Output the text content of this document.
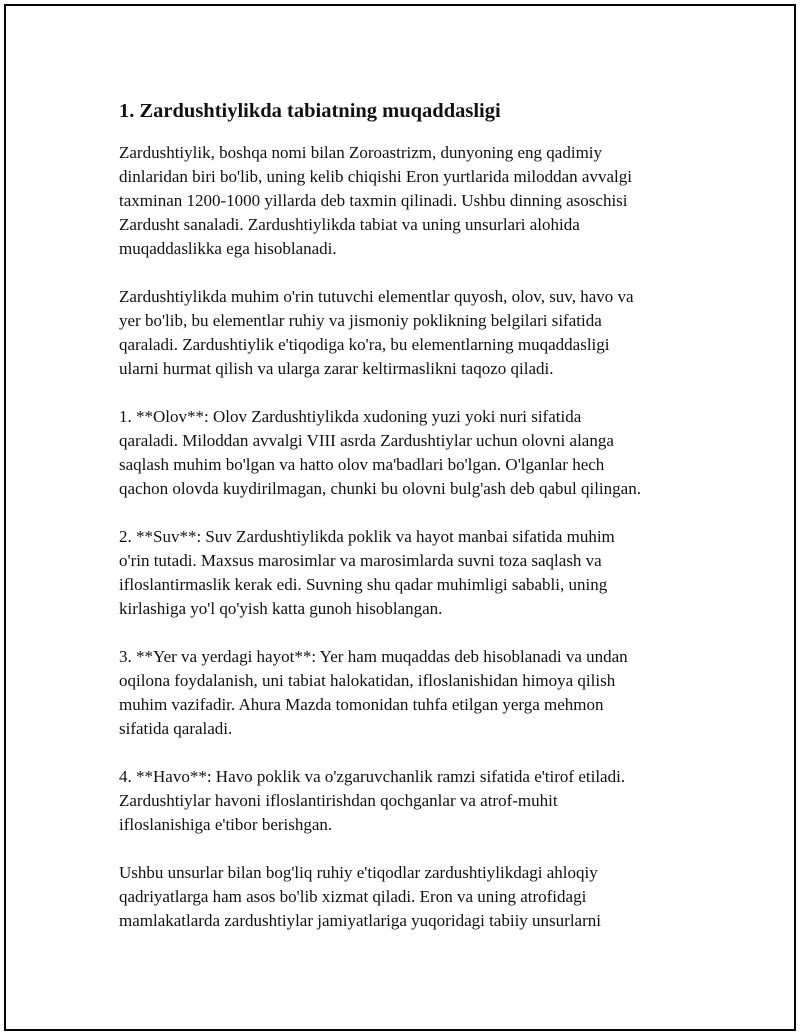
1. Zardushtiylikda tabiatning muqaddasligi
Zardushtiylik, boshqa nomi bilan Zoroastrizm, dunyoning eng qadimiy
dinlaridan biri bo'lib, uning kelib chiqishi Eron yurtlarida miloddan avvalgi
taxminan 1200-1000 yillarda deb taxmin qilinadi. Ushbu dinning asoschisi
Zardusht sanaladi. Zardushtiylikda tabiat va uning unsurlari alohida
muqaddaslikka ega hisoblanadi.
Zardushtiylikda muhim o'rin tutuvchi elementlar quyosh, olov, suv, havo va
yer bo'lib, bu elementlar ruhiy va jismoniy poklikning belgilari sifatida
qaraladi. Zardushtiylik e'tiqodiga ko'ra, bu elementlarning muqaddasligi
ularni hurmat qilish va ularga zarar keltirmaslikni taqozo qiladi.
1. **Olov**: Olov Zardushtiylikda xudoning yuzi yoki nuri sifatida
qaraladi. Miloddan avvalgi VIII asrda Zardushtiylar uchun olovni alanga
saqlash muhim bo'lgan va hatto olov ma'badlari bo'lgan. O'lganlar hech
qachon olovda kuydirilmagan, chunki bu olovni bulg'ash deb qabul qilingan.
2. **Suv**: Suv Zardushtiylikda poklik va hayot manbai sifatida muhim
o'rin tutadi. Maxsus marosimlar va marosimlarda suvni toza saqlash va
ifloslantirmaslik kerak edi. Suvning shu qadar muhimligi sababli, uning
kirlashiga yo'l qo'yish katta gunoh hisoblangan.
3. **Yer va yerdagi hayot**: Yer ham muqaddas deb hisoblanadi va undan
oqilona foydalanish, uni tabiat halokatidan, ifloslanishidan himoya qilish
muhim vazifadir. Ahura Mazda tomonidan tuhfa etilgan yerga mehmon
sifatida qaraladi.
4. **Havo**: Havo poklik va o'zgaruvchanlik ramzi sifatida e'tirof etiladi.
Zardushtiylar havoni ifloslantirishdan qochganlar va atrof-muhit
ifloslanishiga e'tibor berishgan.
Ushbu unsurlar bilan bog'liq ruhiy e'tiqodlar zardushtiylikdagi ahloqiy
qadriyatlarga ham asos bo'lib xizmat qiladi. Eron va uning atrofidagi
mamlakatlarda zardushtiylar jamiyatlariga yuqoridagi tabiiy unsurlarni
